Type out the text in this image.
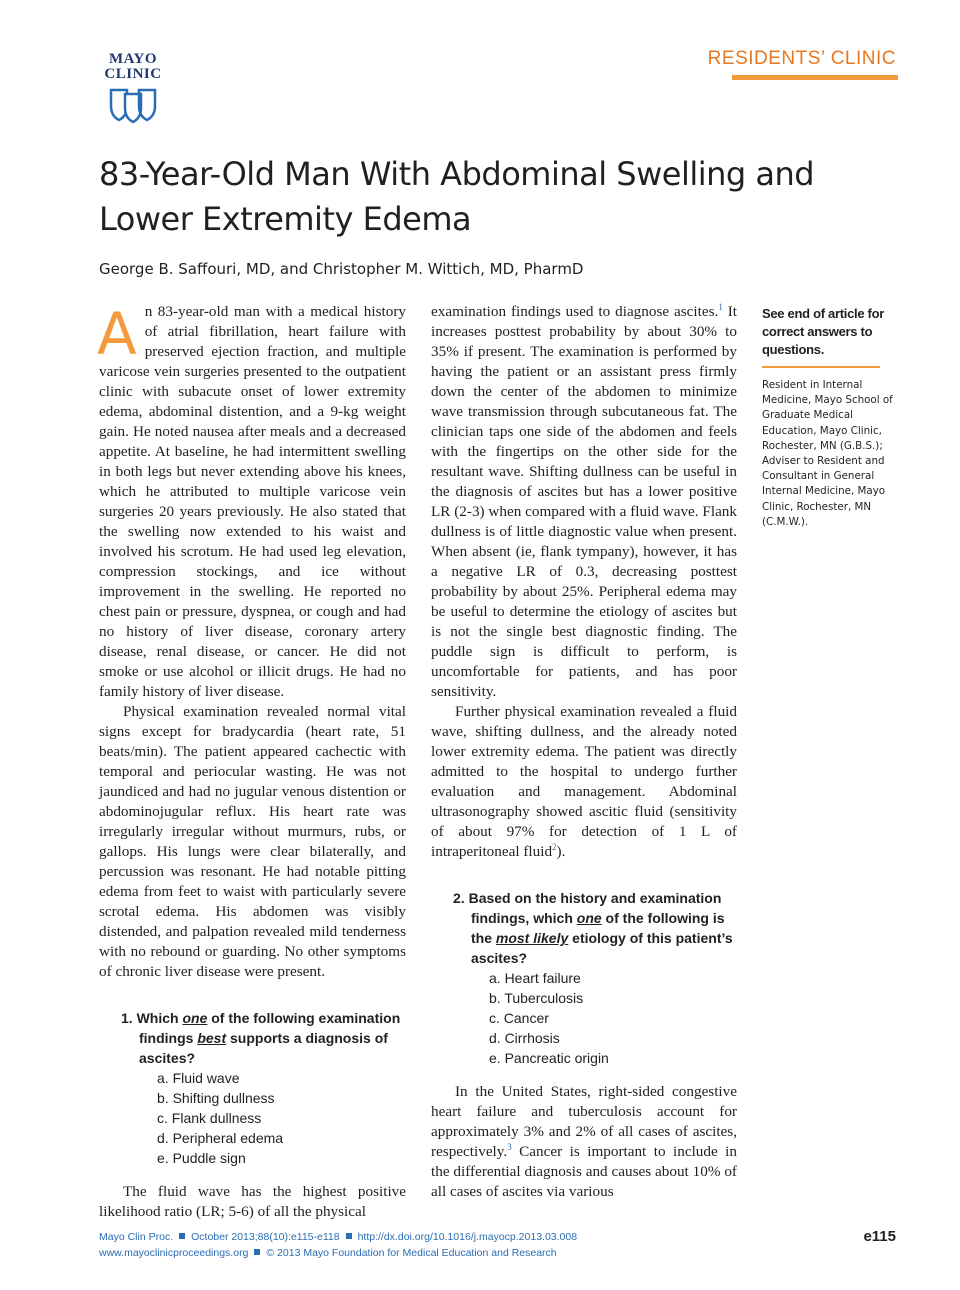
MAYO
CLINIC
RESIDENTS’ CLINIC
83-Year-Old Man With Abdominal Swelling and Lower Extremity Edema
George B. Saffouri, MD, and Christopher M. Wittich, MD, PharmD

An 83-year-old man with a medical history of atrial fibrillation, heart failure with preserved ejection fraction, and multiple varicose vein surgeries presented to the outpatient clinic with subacute onset of lower extremity edema, abdominal distention, and a 9-kg weight gain. He noted nausea after meals and a decreased appetite. At baseline, he had intermittent swelling in both legs but never extending above his knees, which he attributed to multiple varicose vein surgeries 20 years previously. He also stated that the swelling now extended to his waist and involved his scrotum. He had used leg elevation, compression stockings, and ice without improvement in the swelling. He reported no chest pain or pressure, dyspnea, or cough and had no history of liver disease, coronary artery disease, renal disease, or cancer. He did not smoke or use alcohol or illicit drugs. He had no family history of liver disease.

Physical examination revealed normal vital signs except for bradycardia (heart rate, 51 beats/min). The patient appeared cachectic with temporal and periocular wasting. He was not jaundiced and had no jugular venous distention or abdominojugular reflux. His heart rate was irregularly irregular without murmurs, rubs, or gallops. His lungs were clear bilaterally, and percussion was resonant. He had notable pitting edema from feet to waist with particularly severe scrotal edema. His abdomen was visibly distended, and palpation revealed mild tenderness with no rebound or guarding. No other symptoms of chronic liver disease were present.

1. Which one of the following examination findings best supports a diagnosis of ascites?

a. Fluid wave
b. Shifting dullness
c. Flank dullness
d. Peripheral edema
e. Puddle sign

The fluid wave has the highest positive likelihood ratio (LR; 5-6) of all the physical

examination findings used to diagnose ascites.$^1$ It increases posttest probability by about 30% to 35% if present. The examination is performed by having the patient or an assistant press firmly down the center of the abdomen to minimize wave transmission through subcutaneous fat. The clinician taps one side of the abdomen and feels with the fingertips on the other side for the resultant wave. Shifting dullness can be useful in the diagnosis of ascites but has a lower positive LR (2-3) when compared with a fluid wave. Flank dullness is of little diagnostic value when present. When absent (ie, flank tympany), however, it has a negative LR of 0.3, decreasing posttest probability by about 25%. Peripheral edema may be useful to determine the etiology of ascites but is not the single best diagnostic finding. The puddle sign is difficult to perform, is uncomfortable for patients, and has poor sensitivity.

Further physical examination revealed a fluid wave, shifting dullness, and the already noted lower extremity edema. The patient was directly admitted to the hospital to undergo further evaluation and management. Abdominal ultrasonography showed ascitic fluid (sensitivity of about 97% for detection of 1 L of intraperitoneal fluid$^2$).

2. Based on the history and examination findings, which one of the following is the most likely etiology of this patient’s ascites?

a. Heart failure
b. Tuberculosis
c. Cancer
d. Cirrhosis
e. Pancreatic origin

In the United States, right-sided congestive heart failure and tuberculosis account for approximately 3% and 2% of all cases of ascites, respectively.$^3$ Cancer is important to include in the differential diagnosis and causes about 10% of all cases of ascites via various

See end of article for correct answers to questions.
Resident in Internal Medicine, Mayo School of Graduate Medical Education, Mayo Clinic, Rochester, MN (G.B.S.); Adviser to Resident and Consultant in General Internal Medicine, Mayo Clinic, Rochester, MN (C.M.W.).
Mayo Clin Proc. October 2013;88(10):e115-e118 http://dx.doi.org/10.1016/j.mayocp.2013.03.008
www.mayoclinicproceedings.org © 2013 Mayo Foundation for Medical Education and Research
e115
